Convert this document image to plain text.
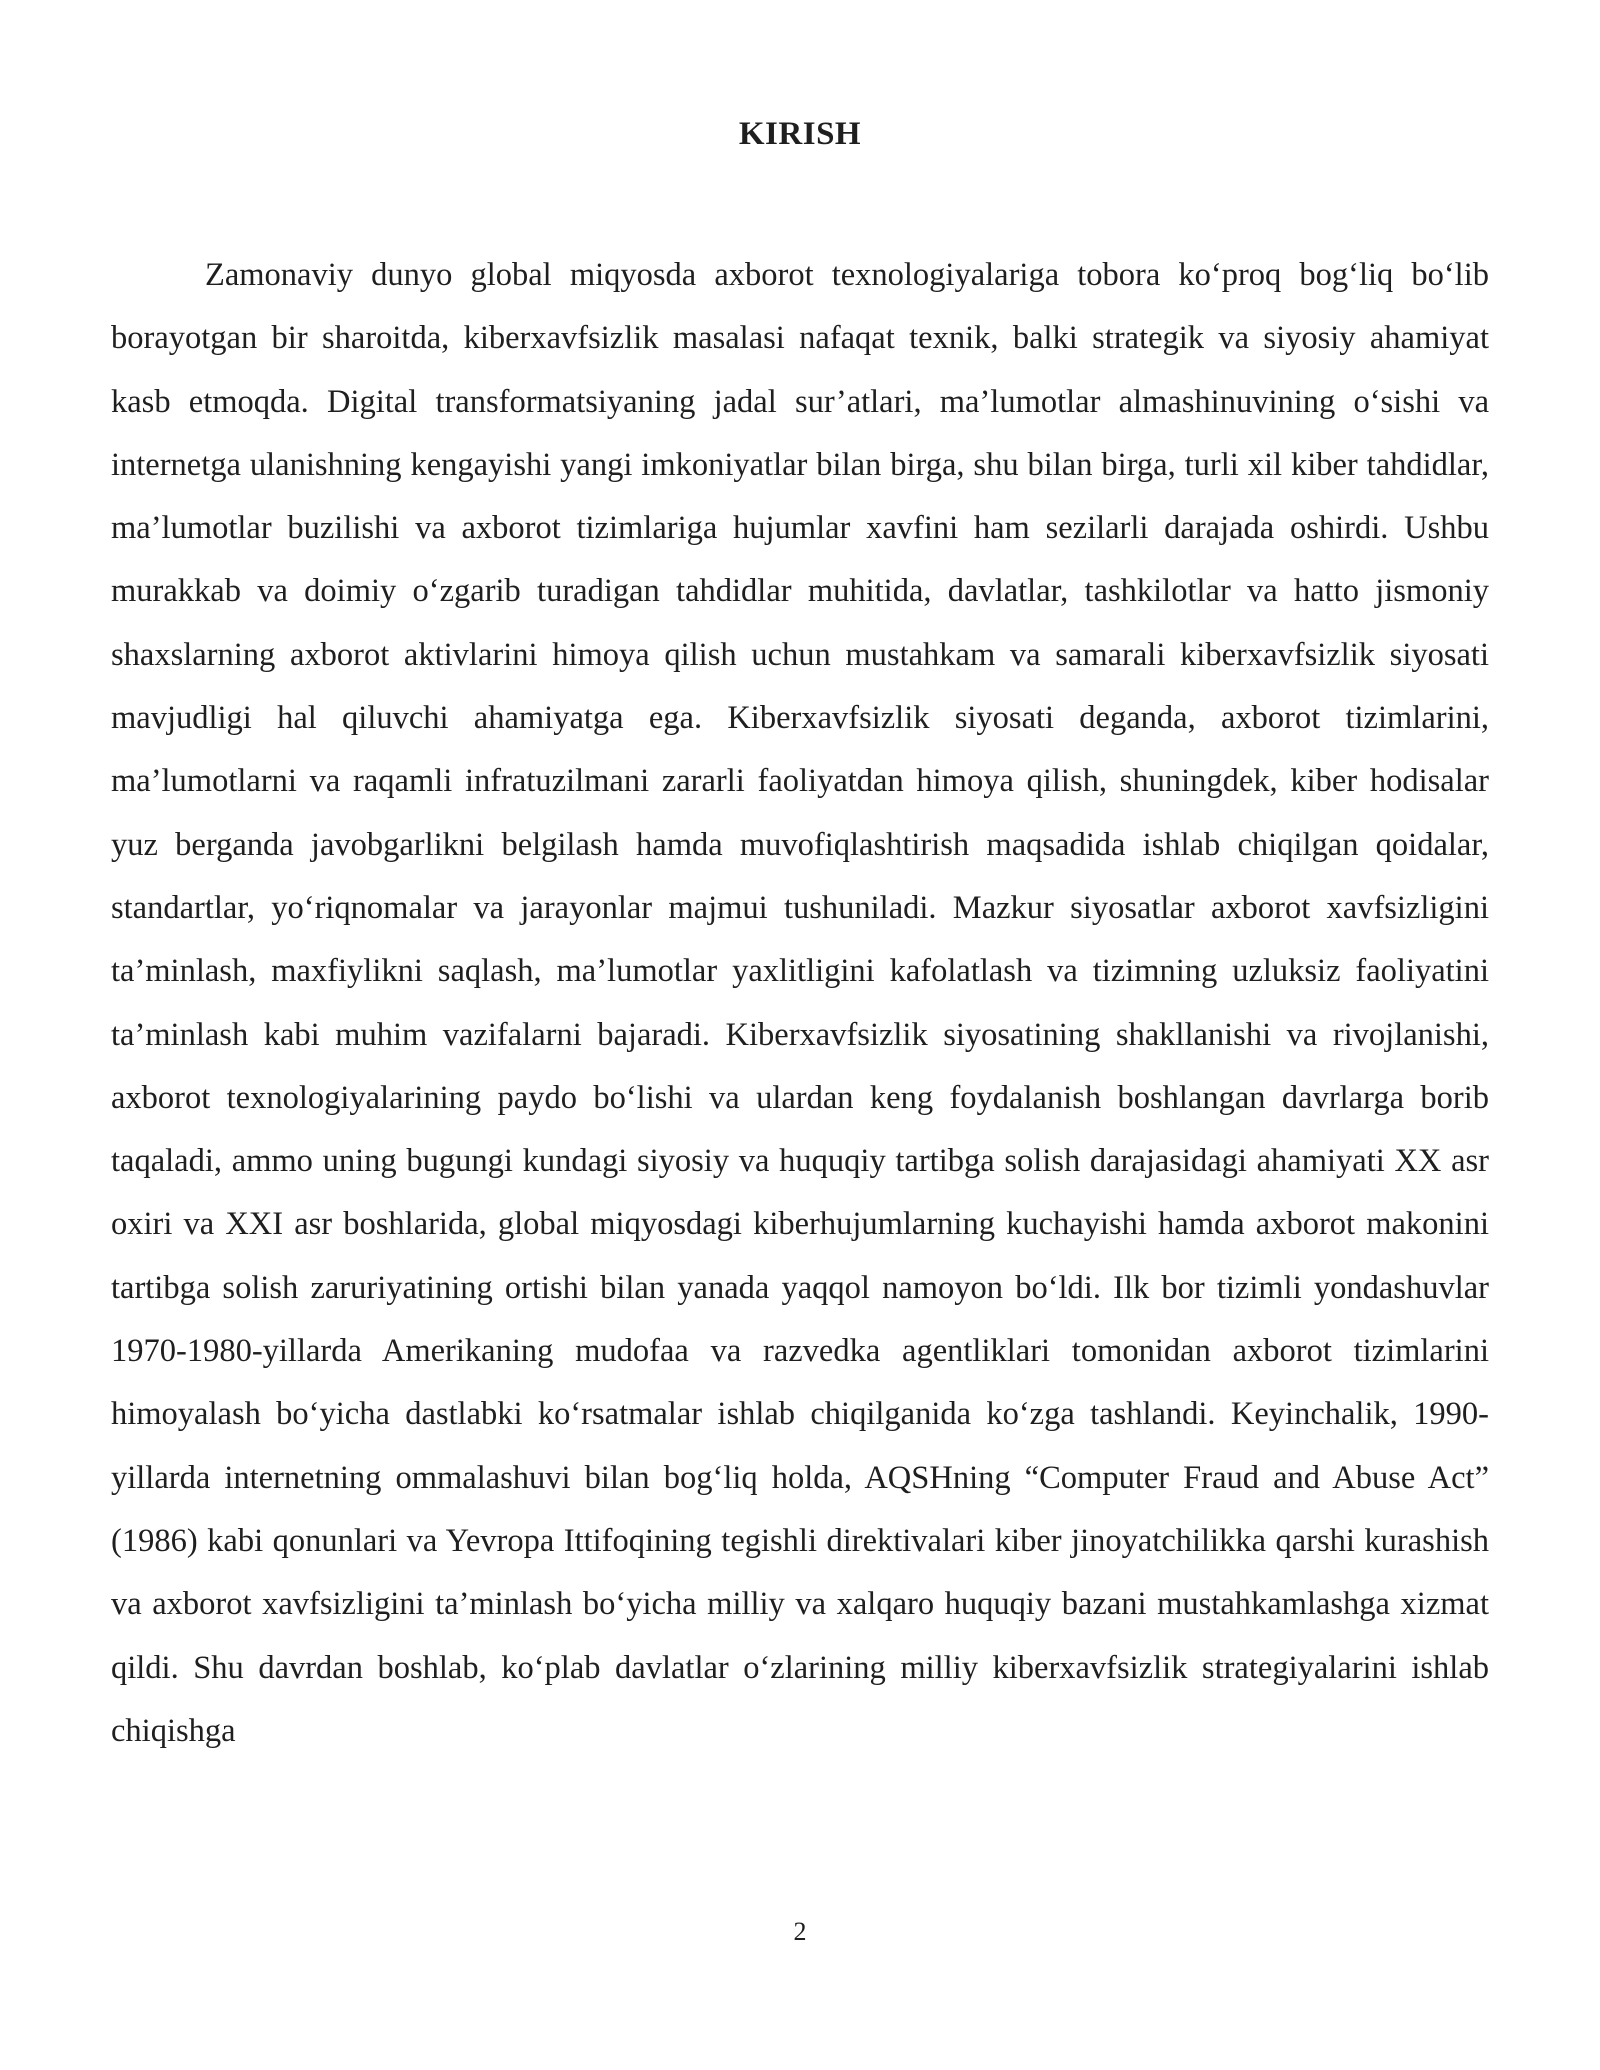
KIRISH

Zamonaviy dunyo global miqyosda axborot texnologiyalariga tobora ko‘proq bog‘liq bo‘lib borayotgan bir sharoitda, kiberxavfsizlik masalasi nafaqat texnik, balki strategik va siyosiy ahamiyat kasb etmoqda. Digital transformatsiyaning jadal sur’atlari, ma’lumotlar almashinuvining o‘sishi va internetga ulanishning kengayishi yangi imkoniyatlar bilan birga, shu bilan birga, turli xil kiber tahdidlar, ma’lumotlar buzilishi va axborot tizimlariga hujumlar xavfini ham sezilarli darajada oshirdi. Ushbu murakkab va doimiy o‘zgarib turadigan tahdidlar muhitida, davlatlar, tashkilotlar va hatto jismoniy shaxslarning axborot aktivlarini himoya qilish uchun mustahkam va samarali kiberxavfsizlik siyosati mavjudligi hal qiluvchi ahamiyatga ega. Kiberxavfsizlik siyosati deganda, axborot tizimlarini, ma’lumotlarni va raqamli infratuzilmani zararli faoliyatdan himoya qilish, shuningdek, kiber hodisalar yuz berganda javobgarlikni belgilash hamda muvofiqlashtirish maqsadida ishlab chiqilgan qoidalar, standartlar, yo‘riqnomalar va jarayonlar majmui tushuniladi. Mazkur siyosatlar axborot xavfsizligini ta’minlash, maxfiylikni saqlash, ma’lumotlar yaxlitligini kafolatlash va tizimning uzluksiz faoliyatini ta’minlash kabi muhim vazifalarni bajaradi. Kiberxavfsizlik siyosatining shakllanishi va rivojlanishi, axborot texnologiyalarining paydo bo‘lishi va ulardan keng foydalanish boshlangan davrlarga borib taqaladi, ammo uning bugungi kundagi siyosiy va huquqiy tartibga solish darajasidagi ahamiyati XX asr oxiri va XXI asr boshlarida, global miqyosdagi kiberhujumlarning kuchayishi hamda axborot makonini tartibga solish zaruriyatining ortishi bilan yanada yaqqol namoyon bo‘ldi. Ilk bor tizimli yondashuvlar 1970-1980-yillarda Amerikaning mudofaa va razvedka agentliklari tomonidan axborot tizimlarini himoyalash bo‘yicha dastlabki ko‘rsatmalar ishlab chiqilganida ko‘zga tashlandi. Keyinchalik, 1990-yillarda internetning ommalashuvi bilan bog‘liq holda, AQSHning “Computer Fraud and Abuse Act” (1986) kabi qonunlari va Yevropa Ittifoqining tegishli direktivalari kiber jinoyatchilikka qarshi kurashish va axborot xavfsizligini ta’minlash bo‘yicha milliy va xalqaro huquqiy bazani mustahkamlashga xizmat qildi. Shu davrdan boshlab, ko‘plab davlatlar o‘zlarining milliy kiberxavfsizlik strategiyalarini ishlab chiqishga

2
